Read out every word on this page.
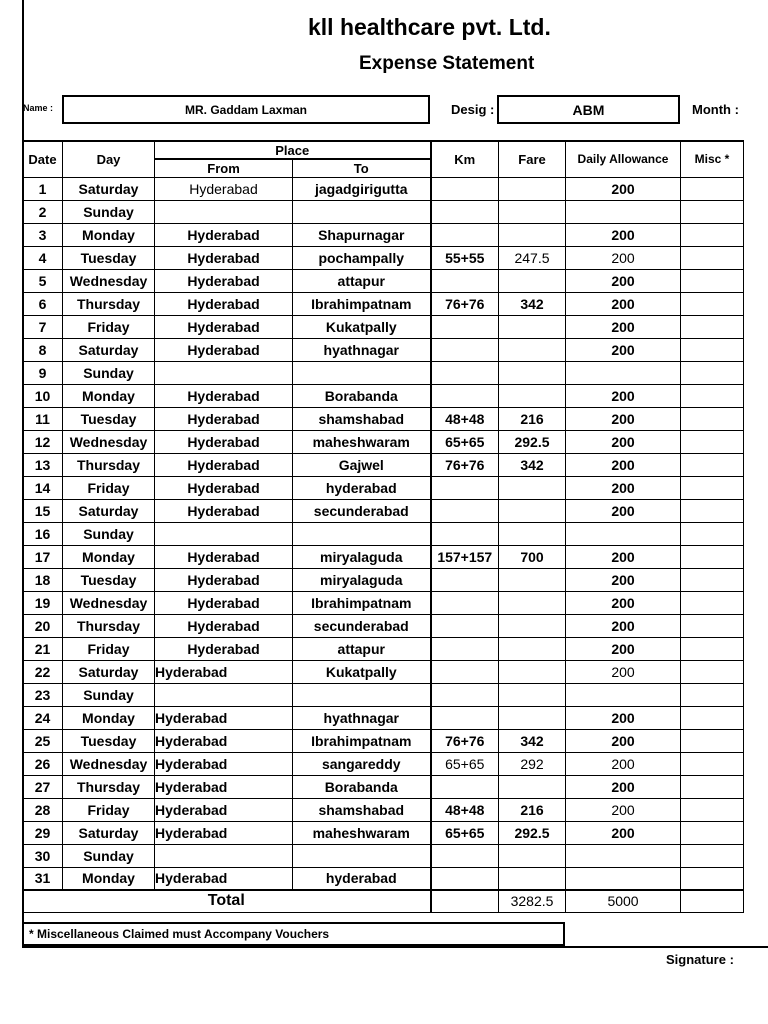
kll healthcare pvt. Ltd.
Expense Statement
Name :	MR. Gaddam Laxman	Desig :	ABM	Month :
Date	Day	Place		Km	Fare	Daily Allowance	Misc *
		From	To				
1	Saturday	Hyderabad	jagadgirigutta			200	
2	Sunday						
3	Monday	Hyderabad	Shapurnagar			200	
4	Tuesday	Hyderabad	pochampally	55+55	247.5	200	
5	Wednesday	Hyderabad	attapur			200	
6	Thursday	Hyderabad	Ibrahimpatnam	76+76	342	200	
7	Friday	Hyderabad	Kukatpally			200	
8	Saturday	Hyderabad	hyathnagar			200	
9	Sunday						
10	Monday	Hyderabad	Borabanda			200	
11	Tuesday	Hyderabad	shamshabad	48+48	216	200	
12	Wednesday	Hyderabad	maheshwaram	65+65	292.5	200	
13	Thursday	Hyderabad	Gajwel	76+76	342	200	
14	Friday	Hyderabad	hyderabad			200	
15	Saturday	Hyderabad	secunderabad			200	
16	Sunday						
17	Monday	Hyderabad	miryalaguda	157+157	700	200	
18	Tuesday	Hyderabad	miryalaguda			200	
19	Wednesday	Hyderabad	Ibrahimpatnam			200	
20	Thursday	Hyderabad	secunderabad			200	
21	Friday	Hyderabad	attapur			200	
22	Saturday	Hyderabad	Kukatpally			200	
23	Sunday						
24	Monday	Hyderabad	hyathnagar			200	
25	Tuesday	Hyderabad	Ibrahimpatnam	76+76	342	200	
26	Wednesday	Hyderabad	sangareddy	65+65	292	200	
27	Thursday	Hyderabad	Borabanda			200	
28	Friday	Hyderabad	shamshabad	48+48	216	200	
29	Saturday	Hyderabad	maheshwaram	65+65	292.5	200	
30	Sunday						
31	Monday	Hyderabad	hyderabad				
Total					3282.5	5000	
* Miscellaneous Claimed must Accompany Vouchers
Signature :
